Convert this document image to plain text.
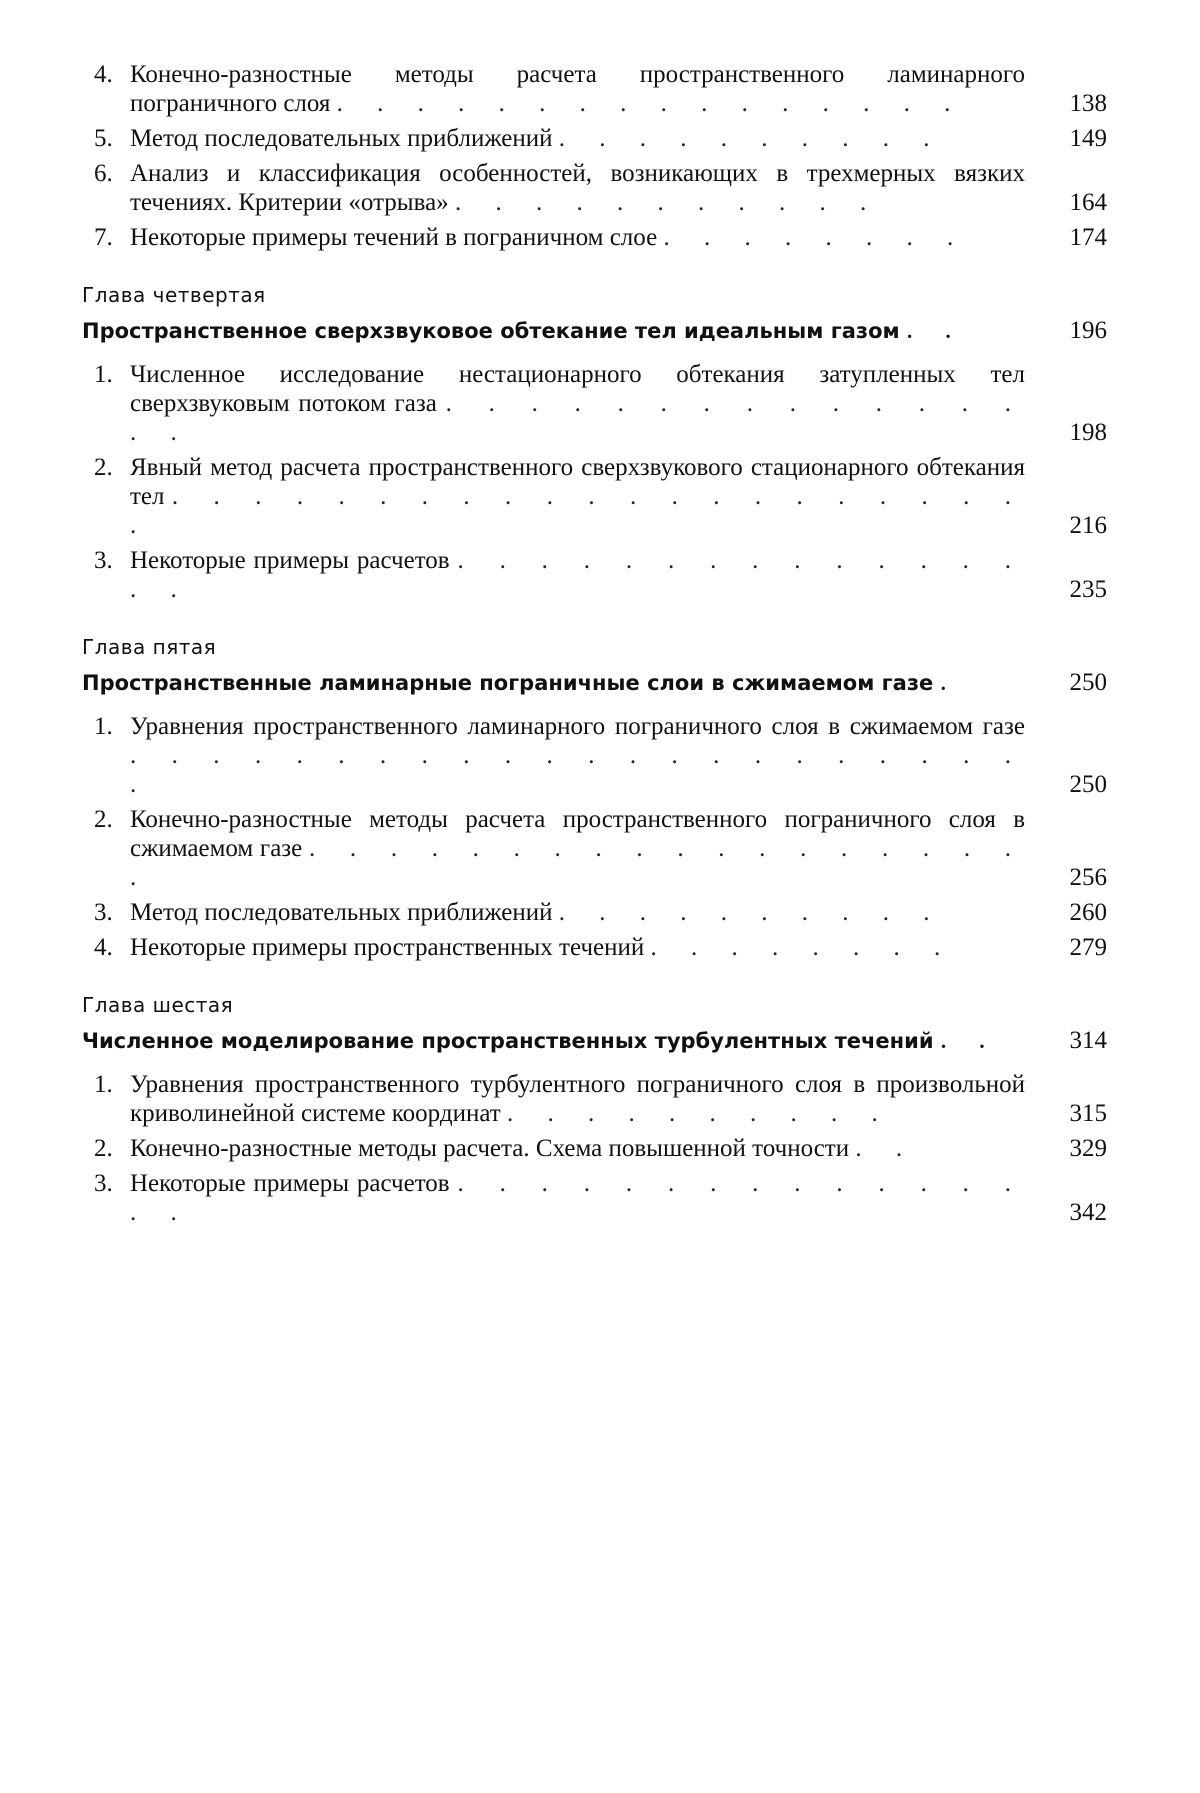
4. Конечно-разностные методы расчета пространственного ламинарного пограничного слоя . . . . . . . . . . . . . . . .	138
5. Метод последовательных приближений . . . . . . . . . .	149
6. Анализ и классификация особенностей, возникающих в трехмерных вязких течениях. Критерии «отрыва» . . . . . . . . . . .	164
7. Некоторые примеры течений в пограничном слое . . . . . . . .	174
Глава четвертая
Пространственное сверхзвуковое обтекание тел идеальным газом . .	196
1. Численное исследование нестационарного обтекания затупленных тел сверхзвуковым потоком газа . . . . . . . . . . . . . . . .	198
2. Явный метод расчета пространственного сверхзвукового стационарного обтекания тел . . . . . . . . . . . . . . . . . . . . . .	216
3. Некоторые примеры расчетов . . . . . . . . . . . . . . . .	235
Глава пятая
Пространственные ламинарные пограничные слои в сжимаемом газе .	250
1. Уравнения пространственного ламинарного пограничного слоя в сжимаемом газе . . . . . . . . . . . . . . . . . . . . . . .	250
2. Конечно-разностные методы расчета пространственного пограничного слоя в сжимаемом газе . . . . . . . . . . . . . . . . . . .	256
3. Метод последовательных приближений . . . . . . . . . .	260
4. Некоторые примеры пространственных течений . . . . . . . .	279
Глава шестая
Численное моделирование пространственных турбулентных течений . .	314
1. Уравнения пространственного турбулентного пограничного слоя в произвольной криволинейной системе координат . . . . . . . . . .	315
2. Конечно-разностные методы расчета. Схема повышенной точности . .	329
3. Некоторые примеры расчетов . . . . . . . . . . . . . . . .	342
